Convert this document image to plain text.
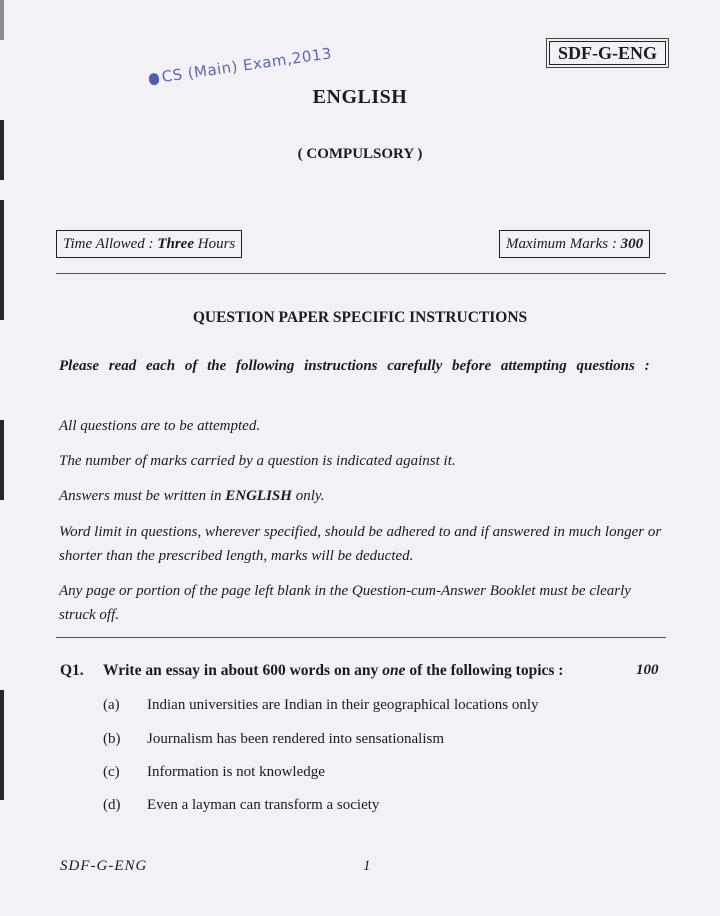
SDF-G-ENG
CS (Main) Exam,2013
ENGLISH
( COMPULSORY )
Time Allowed : Three Hours	Maximum Marks : 300
QUESTION PAPER SPECIFIC INSTRUCTIONS
Please read each of the following instructions carefully before attempting questions :
All questions are to be attempted.
The number of marks carried by a question is indicated against it.
Answers must be written in ENGLISH only.
Word limit in questions, wherever specified, should be adhered to and if answered in much longer or shorter than the prescribed length, marks will be deducted.
Any page or portion of the page left blank in the Question-cum-Answer Booklet must be clearly struck off.
Q1. Write an essay in about 600 words on any one of the following topics :	100
(a) Indian universities are Indian in their geographical locations only
(b) Journalism has been rendered into sensationalism
(c) Information is not knowledge
(d) Even a layman can transform a society
SDF-G-ENG	1
